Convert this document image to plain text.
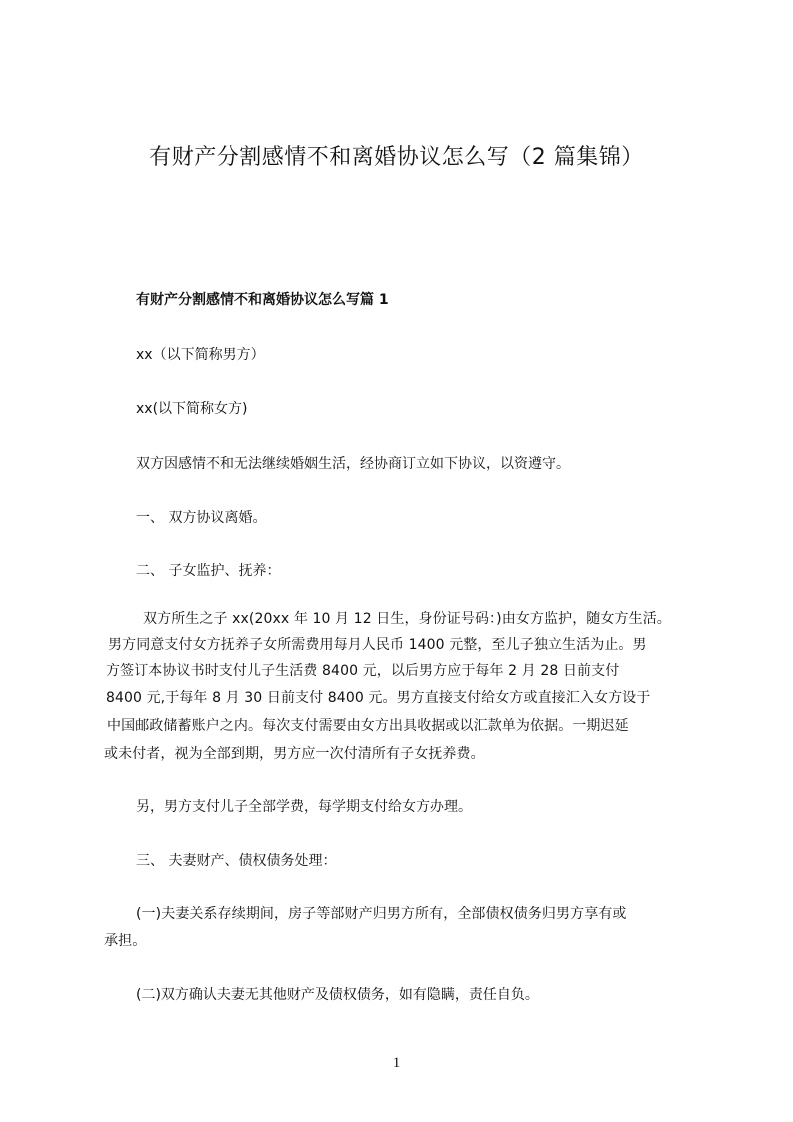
有财产分割感情不和离婚协议怎么写（2 篇集锦）
有财产分割感情不和离婚协议怎么写篇 1
xx（以下简称男方）
xx(以下简称女方)
双方因感情不和无法继续婚姻生活，经协商订立如下协议，以资遵守。
一、 双方协议离婚。
二、 子女监护、抚养：
双方所生之子 xx(20xx 年 10 月 12 日生，身份证号码：)由女方监护，随女方生活。
男方同意支付女方抚养子女所需费用每月人民币 1400 元整，至儿子独立生活为止。男
方签订本协议书时支付儿子生活费 8400 元，以后男方应于每年 2 月 28 日前支付
8400 元,于每年 8 月 30 日前支付 8400 元。男方直接支付给女方或直接汇入女方设于
中国邮政储蓄账户之内。每次支付需要由女方出具收据或以汇款单为依据。一期迟延
或未付者，视为全部到期，男方应一次付清所有子女抚养费。
另，男方支付儿子全部学费，每学期支付给女方办理。
三、 夫妻财产、债权债务处理：
(一)夫妻关系存续期间，房子等部财产归男方所有，全部债权债务归男方享有或
承担。
(二)双方确认夫妻无其他财产及债权债务，如有隐瞒，责任自负。
1
